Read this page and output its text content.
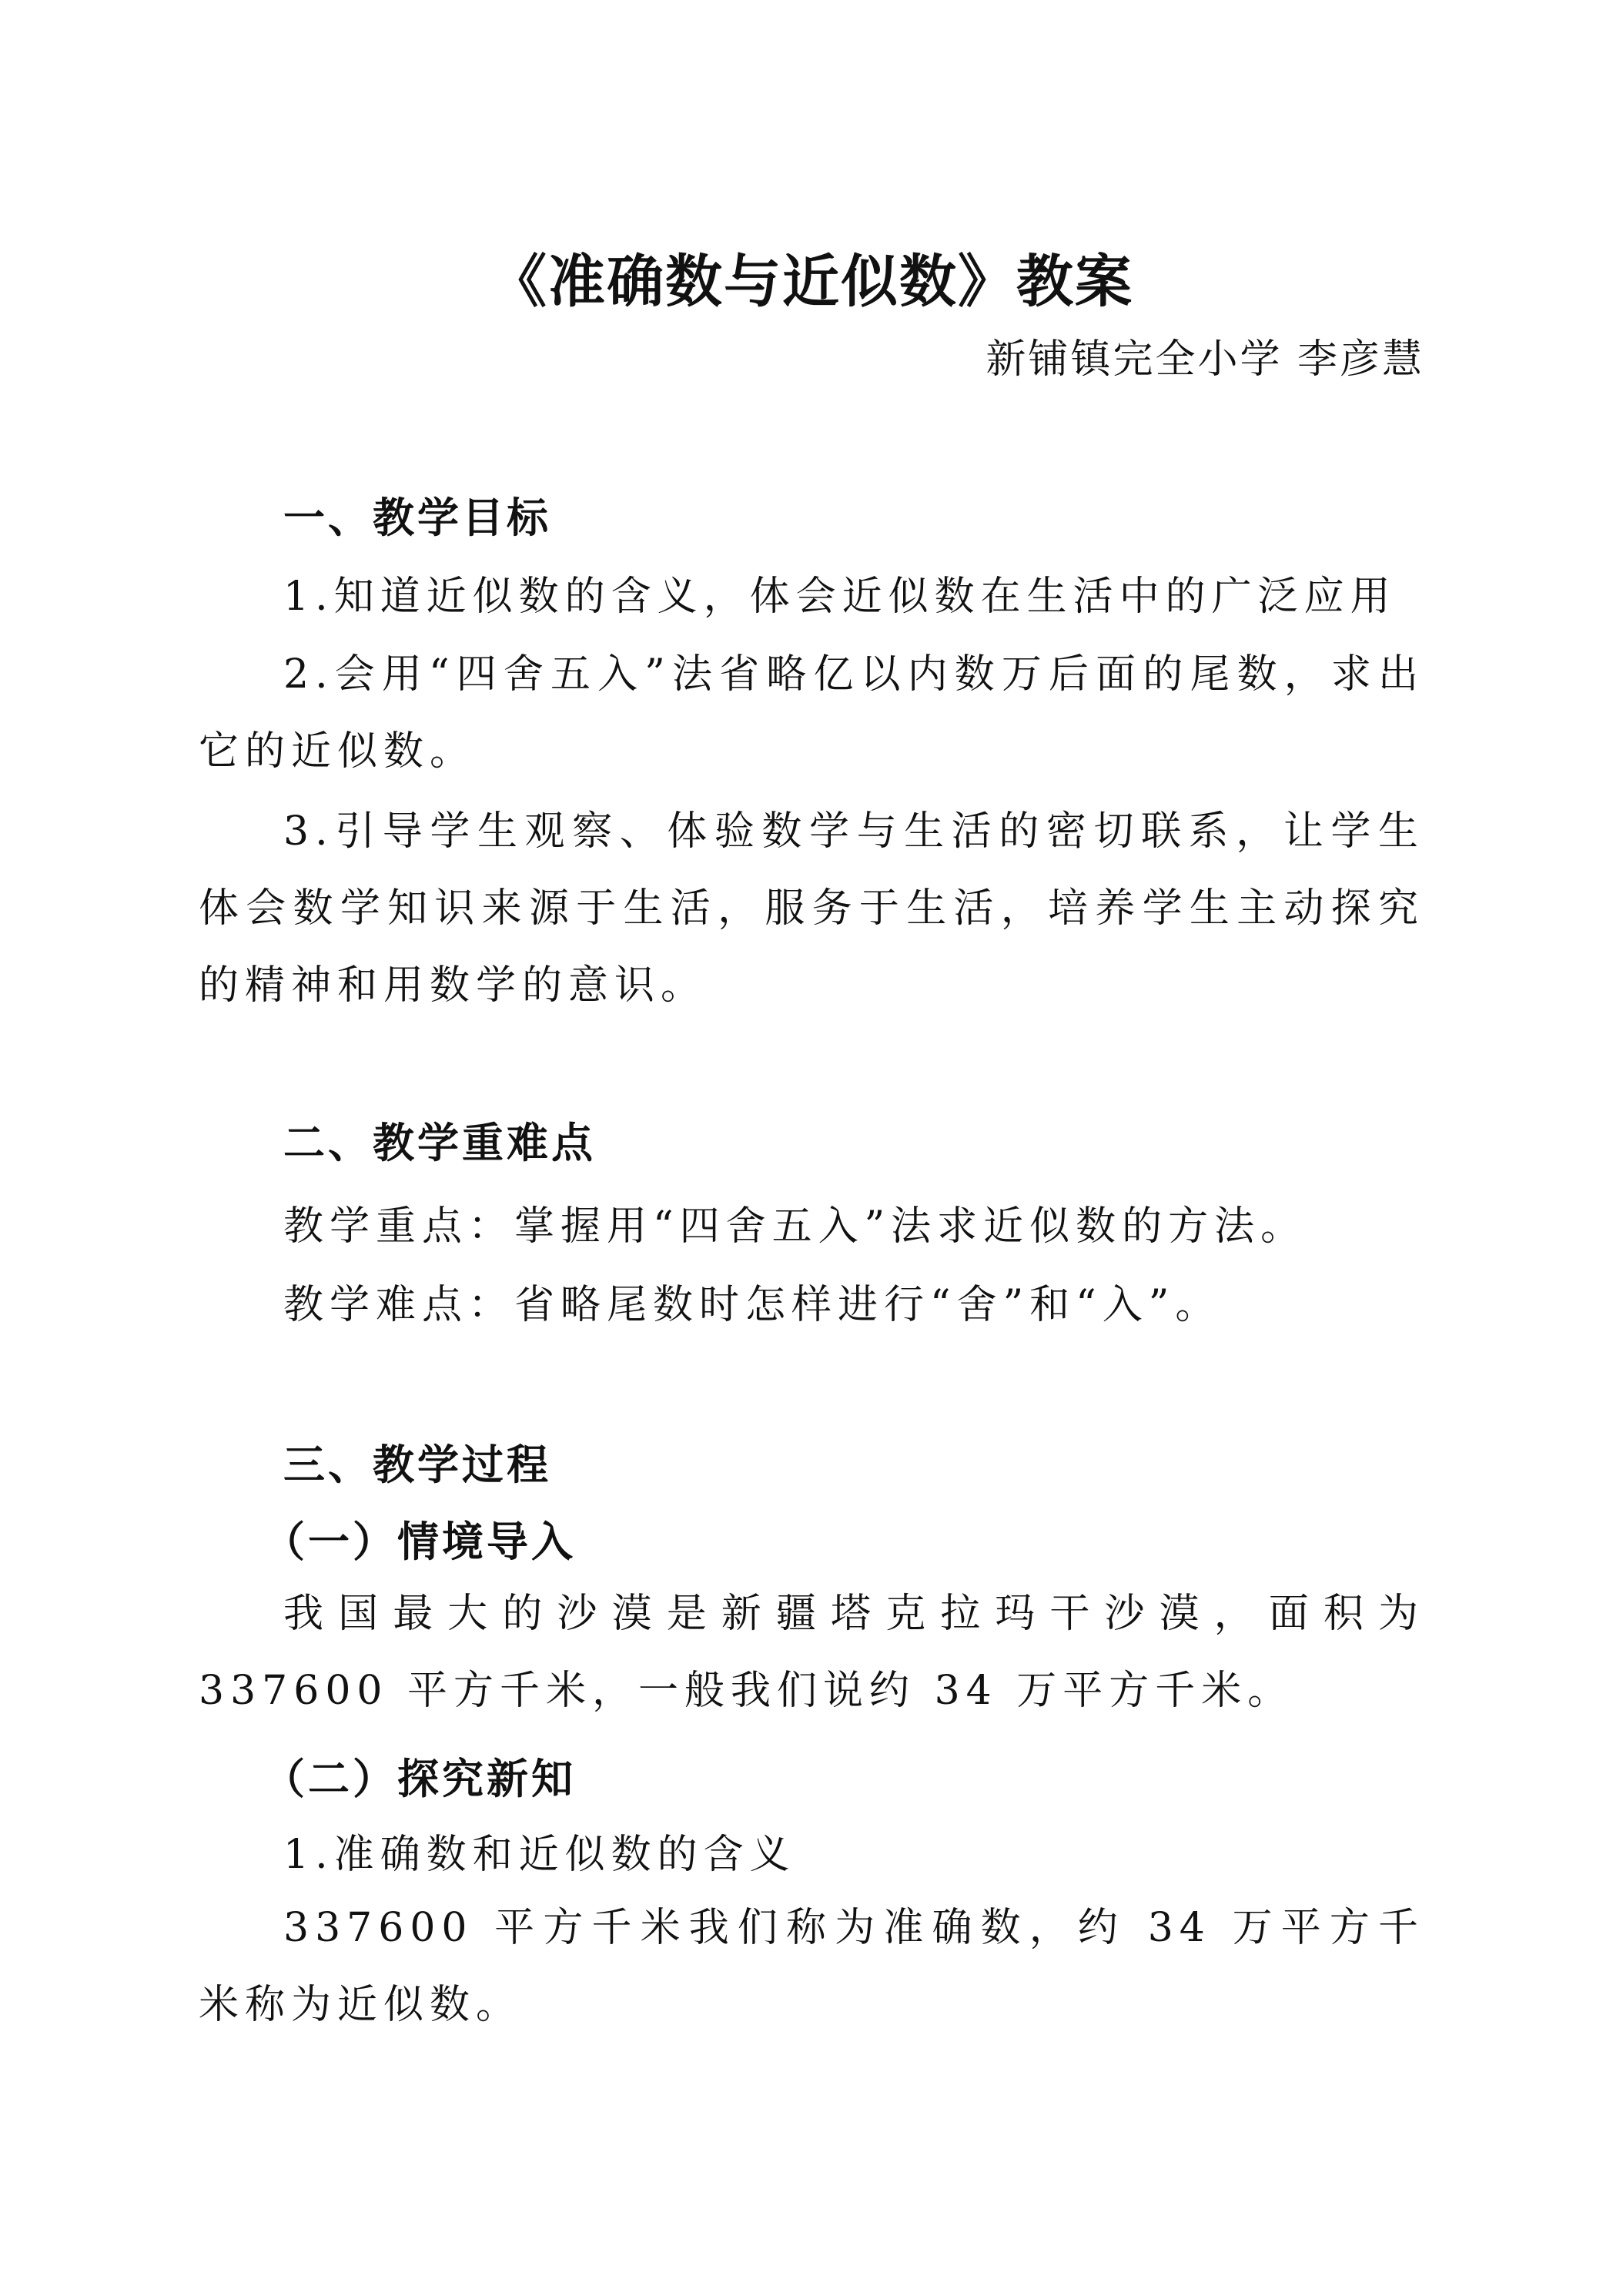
《准确数与近似数》教案

新铺镇完全小学 李彦慧

一、教学目标

1.知道近似数的含义，体会近似数在生活中的广泛应用

2.会用“四舍五入”法省略亿以内数万后面的尾数，求出它的近似数。

3.引导学生观察、体验数学与生活的密切联系，让学生体会数学知识来源于生活，服务于生活，培养学生主动探究的精神和用数学的意识。

二、教学重难点

教学重点：掌握用“四舍五入”法求近似数的方法。

教学难点：省略尾数时怎样进行“舍”和“入”。

三、教学过程
（一）情境导入

我国最大的沙漠是新疆塔克拉玛干沙漠，面积为 337600 平方千米，一般我们说约 34 万平方千米。

（二）探究新知

1.准确数和近似数的含义

337600 平方千米我们称为准确数，约 34 万平方千米称为近似数。
